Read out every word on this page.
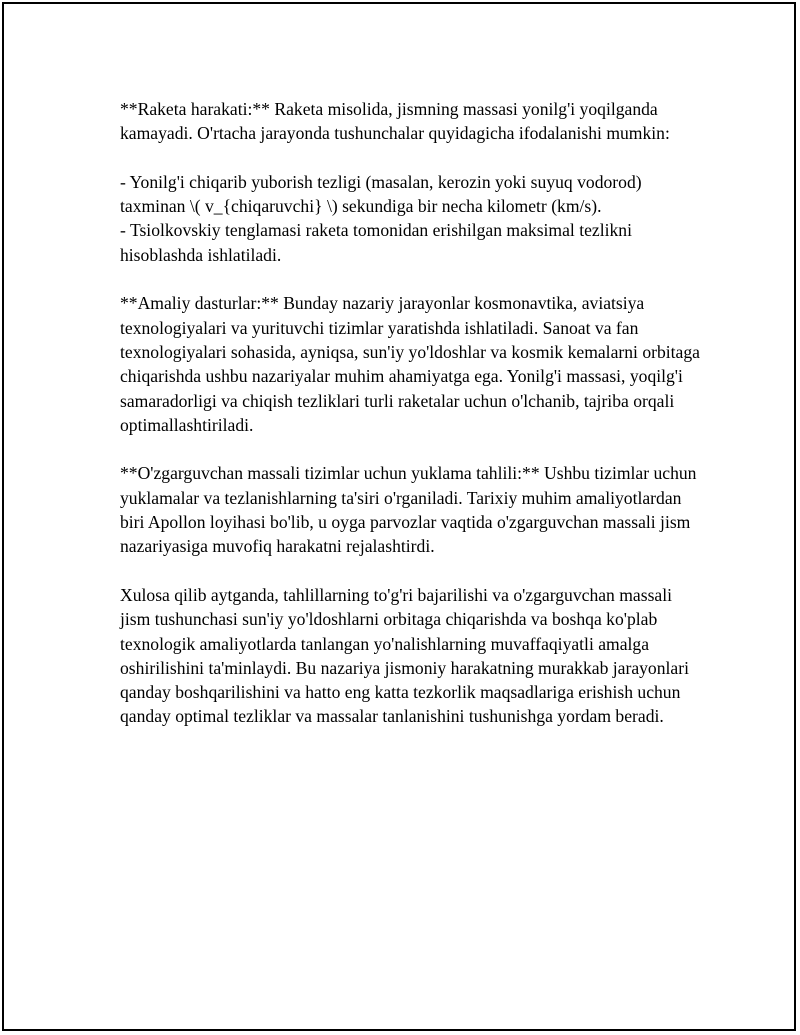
**Raketa harakati:** Raketa misolida, jismning massasi yonilg'i yoqilganda kamayadi. O'rtacha jarayonda tushunchalar quyidagicha ifodalanishi mumkin:

- Yonilg'i chiqarib yuborish tezligi (masalan, kerozin yoki suyuq vodorod) taxminan \( v_{chiqaruvchi} \) sekundiga bir necha kilometr (km/s).
- Tsiolkovskiy tenglamasi raketa tomonidan erishilgan maksimal tezlikni hisoblashda ishlatiladi.

**Amaliy dasturlar:** Bunday nazariy jarayonlar kosmonavtika, aviatsiya texnologiyalari va yurituvchi tizimlar yaratishda ishlatiladi. Sanoat va fan texnologiyalari sohasida, ayniqsa, sun'iy yo'ldoshlar va kosmik kemalarni orbitaga chiqarishda ushbu nazariyalar muhim ahamiyatga ega. Yonilg'i massasi, yoqilg'i samaradorligi va chiqish tezliklari turli raketalar uchun o'lchanib, tajriba orqali optimallashtiriladi.

**O'zgarguvchan massali tizimlar uchun yuklama tahlili:** Ushbu tizimlar uchun yuklamalar va tezlanishlarning ta'siri o'rganiladi. Tarixiy muhim amaliyotlardan biri Apollon loyihasi bo'lib, u oyga parvozlar vaqtida o'zgarguvchan massali jism nazariyasiga muvofiq harakatni rejalashtirdi.

Xulosa qilib aytganda, tahlillarning to'g'ri bajarilishi va o'zgarguvchan massali jism tushunchasi sun'iy yo'ldoshlarni orbitaga chiqarishda va boshqa ko'plab texnologik amaliyotlarda tanlangan yo'nalishlarning muvaffaqiyatli amalga oshirilishini ta'minlaydi. Bu nazariya jismoniy harakatning murakkab jarayonlari qanday boshqarilishini va hatto eng katta tezkorlik maqsadlariga erishish uchun qanday optimal tezliklar va massalar tanlanishini tushunishga yordam beradi.
